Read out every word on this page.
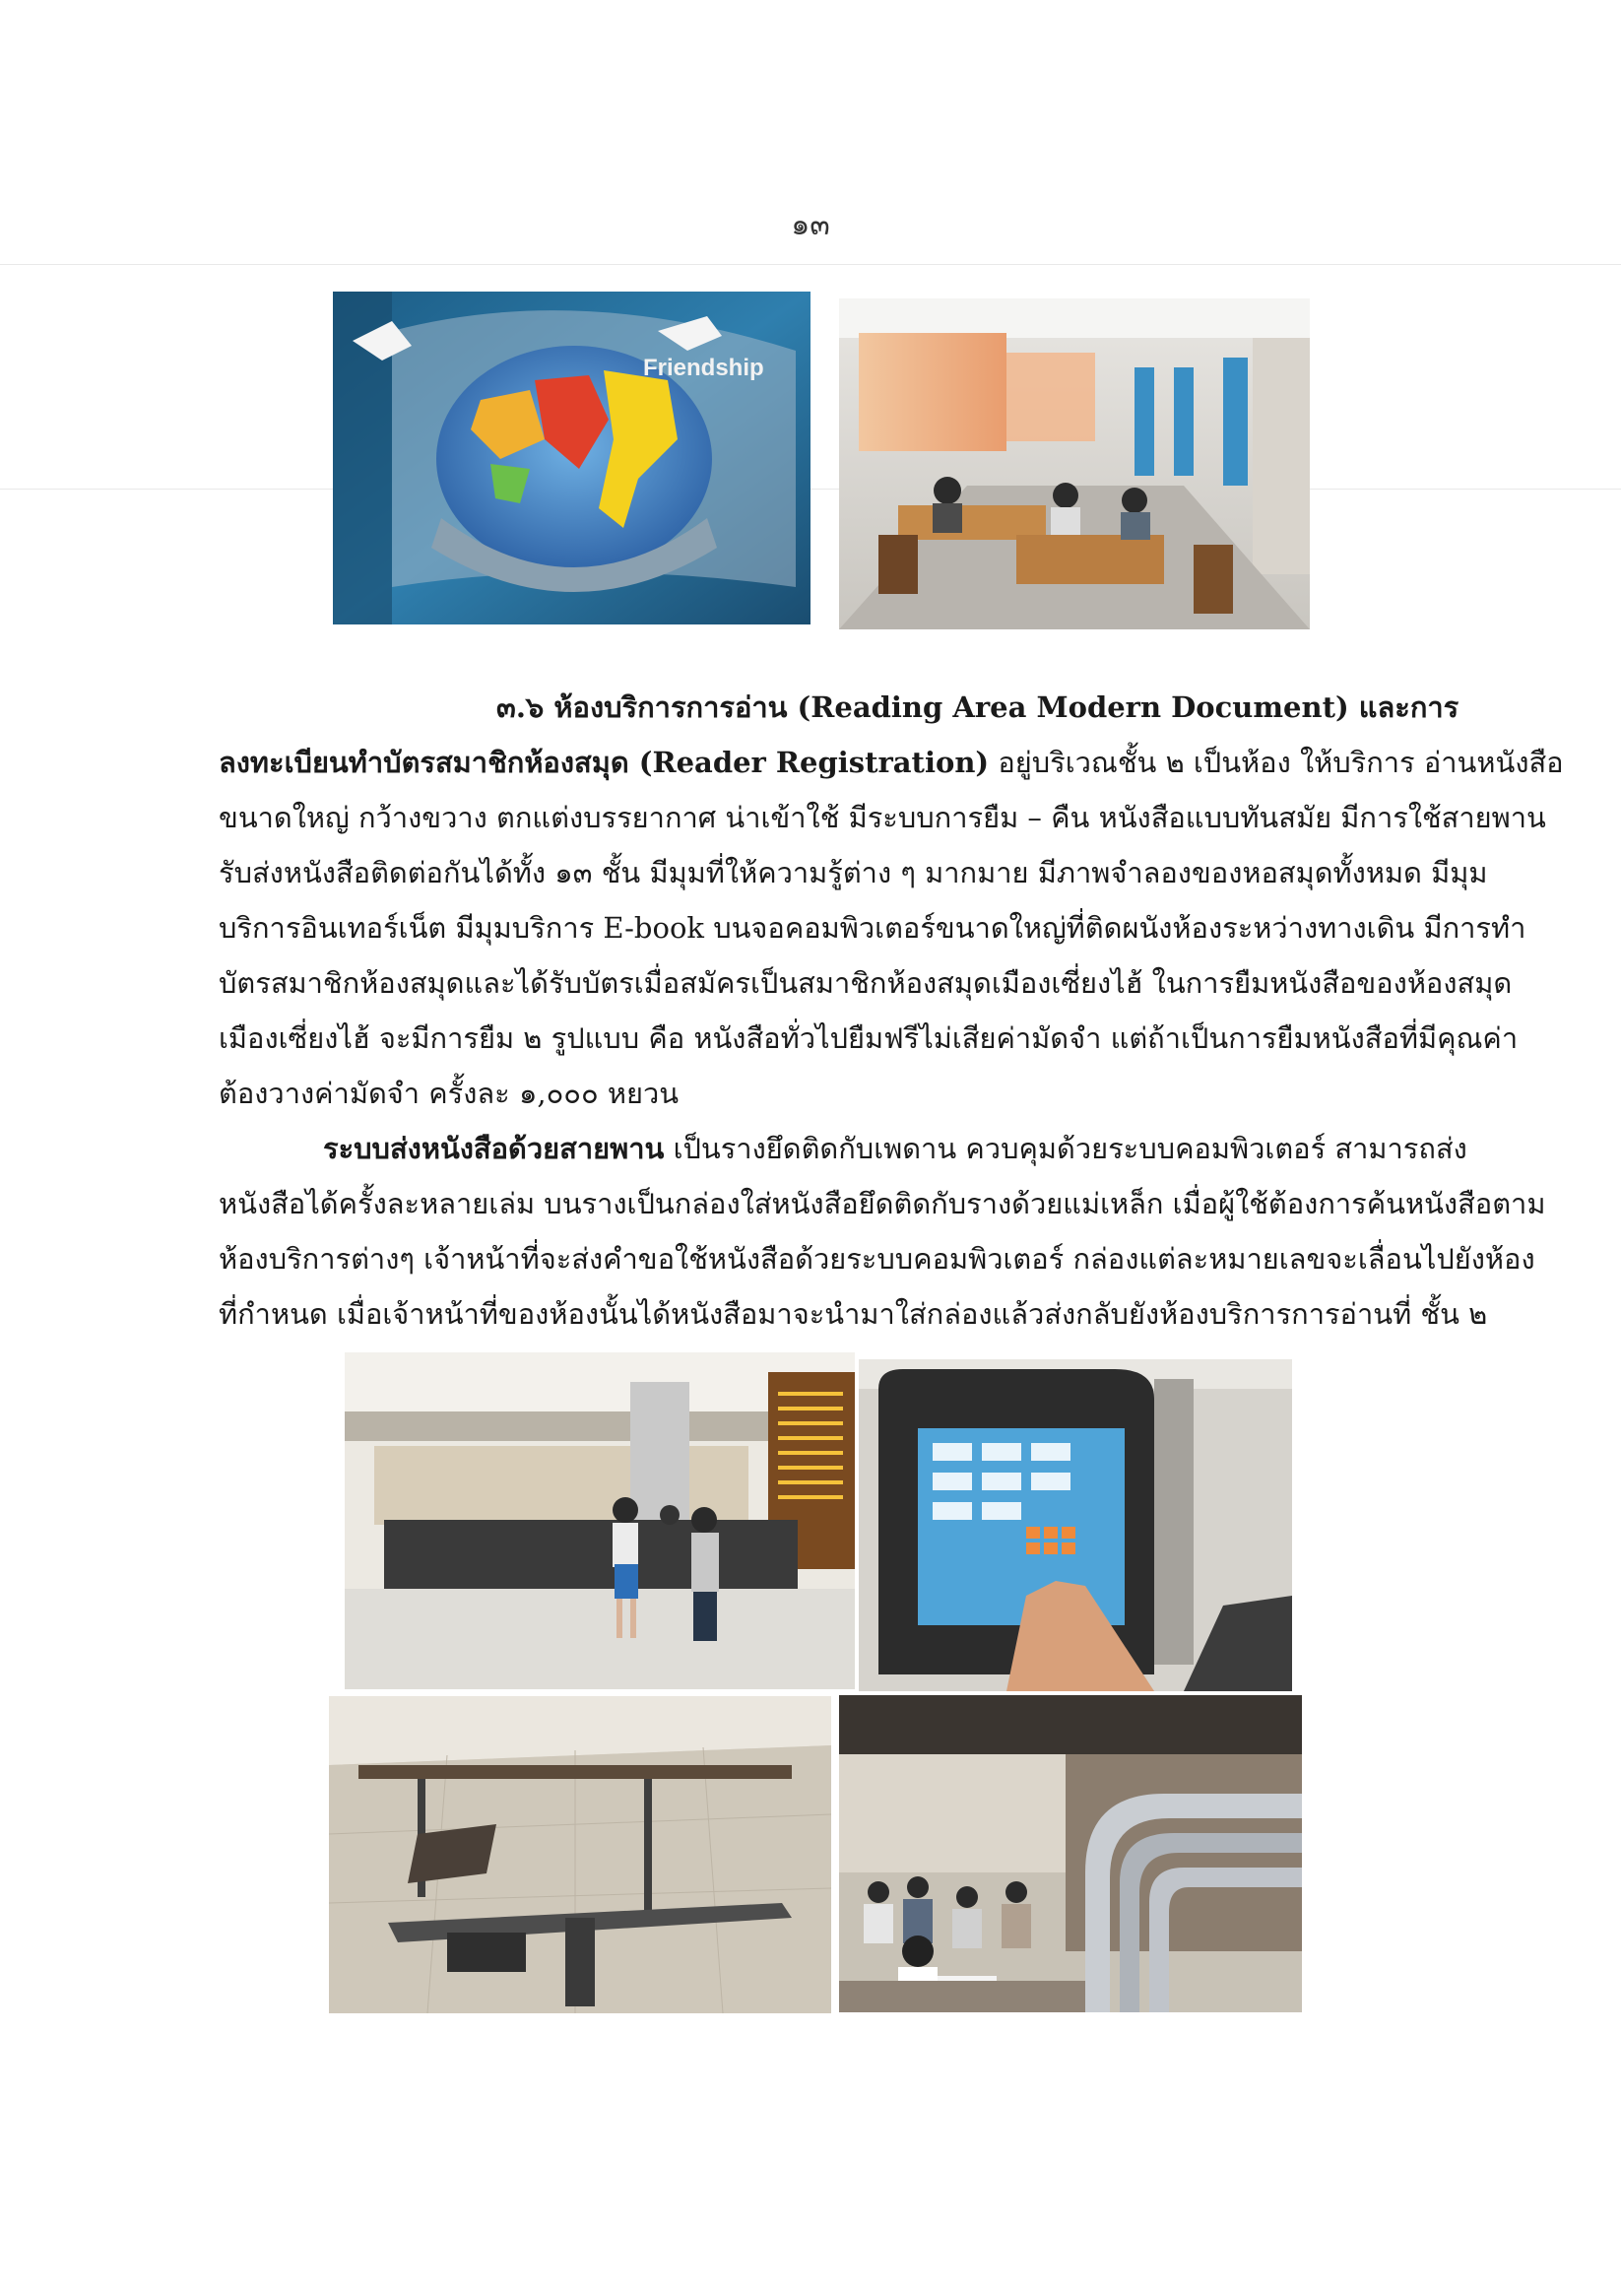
๑๓
Friendship

๓.๖ ห้องบริการการอ่าน (Reading Area Modern Document) และการ

ลงทะเบียนทำบัตรสมาชิกห้องสมุด (Reader Registration) อยู่บริเวณชั้น ๒ เป็นห้อง ให้บริการ อ่านหนังสือ

ขนาดใหญ่ กว้างขวาง ตกแต่งบรรยากาศ น่าเข้าใช้ มีระบบการยืม – คืน หนังสือแบบทันสมัย มีการใช้สายพาน

รับส่งหนังสือติดต่อกันได้ทั้ง ๑๓ ชั้น มีมุมที่ให้ความรู้ต่าง ๆ มากมาย มีภาพจำลองของหอสมุดทั้งหมด มีมุม

บริการอินเทอร์เน็ต มีมุมบริการ E-book บนจอคอมพิวเตอร์ขนาดใหญ่ที่ติดผนังห้องระหว่างทางเดิน มีการทำ

บัตรสมาชิกห้องสมุดและได้รับบัตรเมื่อสมัครเป็นสมาชิกห้องสมุดเมืองเซี่ยงไฮ้ ในการยืมหนังสือของห้องสมุด

เมืองเซี่ยงไฮ้ จะมีการยืม ๒ รูปแบบ คือ หนังสือทั่วไปยืมฟรีไม่เสียค่ามัดจำ แต่ถ้าเป็นการยืมหนังสือที่มีคุณค่า

ต้องวางค่ามัดจำ ครั้งละ ๑,๐๐๐ หยวน

ระบบส่งหนังสือด้วยสายพาน เป็นรางยึดติดกับเพดาน ควบคุมด้วยระบบคอมพิวเตอร์ สามารถส่ง

หนังสือได้ครั้งละหลายเล่ม บนรางเป็นกล่องใส่หนังสือยึดติดกับรางด้วยแม่เหล็ก เมื่อผู้ใช้ต้องการค้นหนังสือตาม

ห้องบริการต่างๆ เจ้าหน้าที่จะส่งคำขอใช้หนังสือด้วยระบบคอมพิวเตอร์ กล่องแต่ละหมายเลขจะเลื่อนไปยังห้อง

ที่กำหนด เมื่อเจ้าหน้าที่ของห้องนั้นได้หนังสือมาจะนำมาใส่กล่องแล้วส่งกลับยังห้องบริการการอ่านที่ ชั้น ๒
